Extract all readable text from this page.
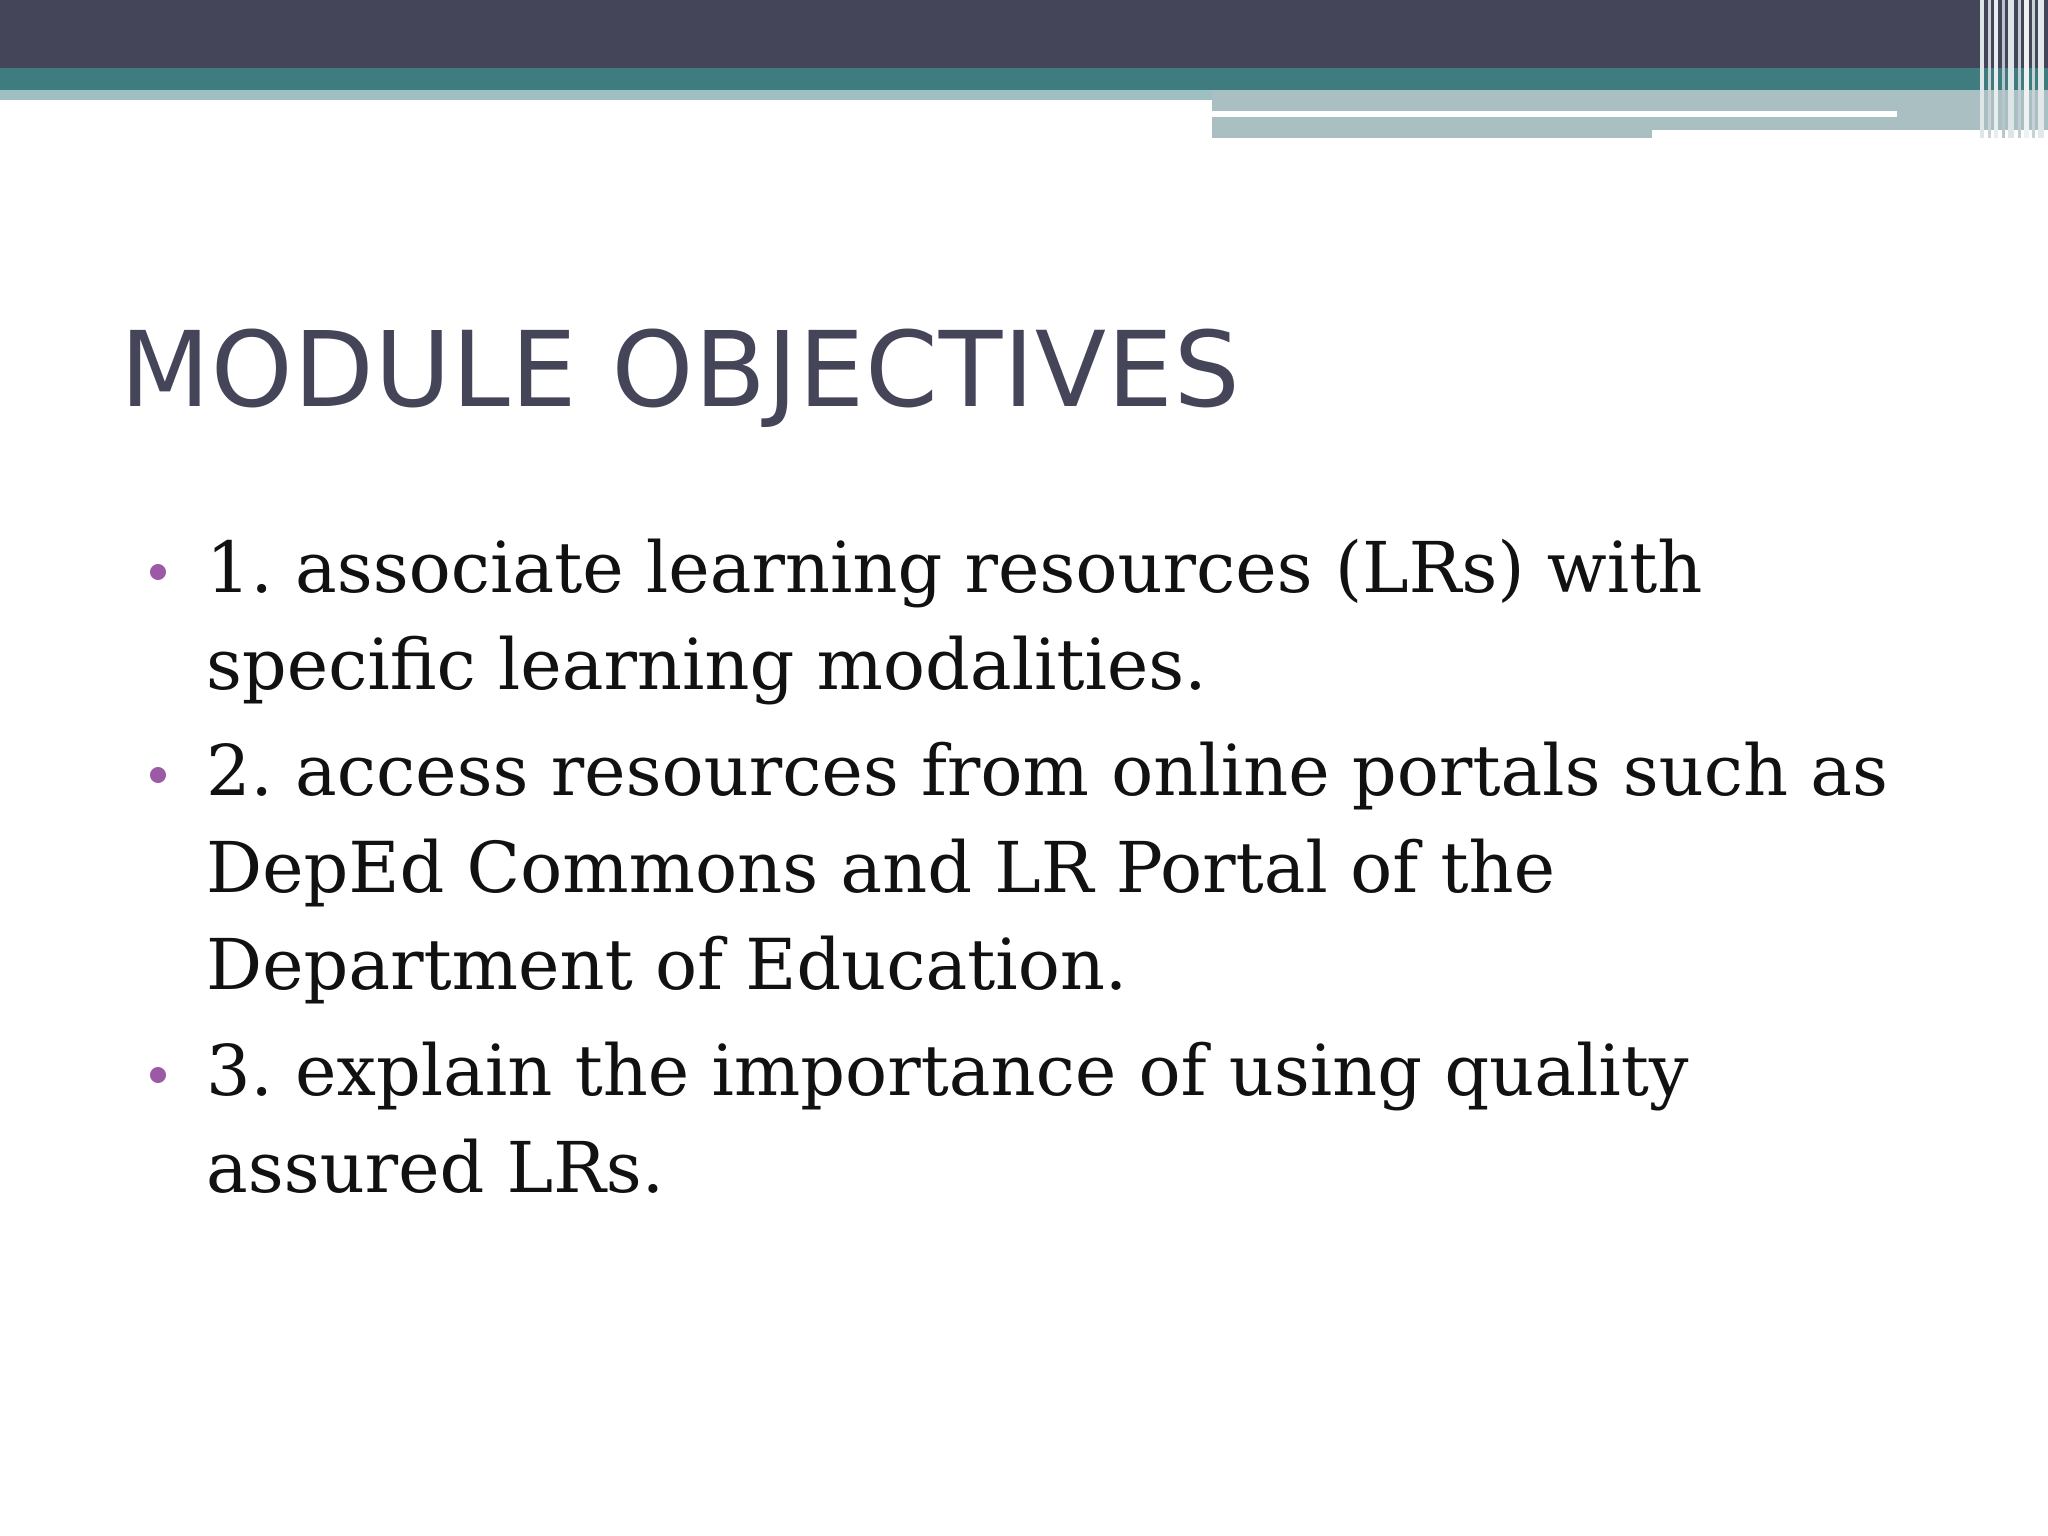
MODULE OBJECTIVES
1. associate learning resources (LRs) with specific learning modalities.
2. access resources from online portals such as DepEd Commons and LR Portal of the Department of Education.
3. explain the importance of using quality assured LRs.
